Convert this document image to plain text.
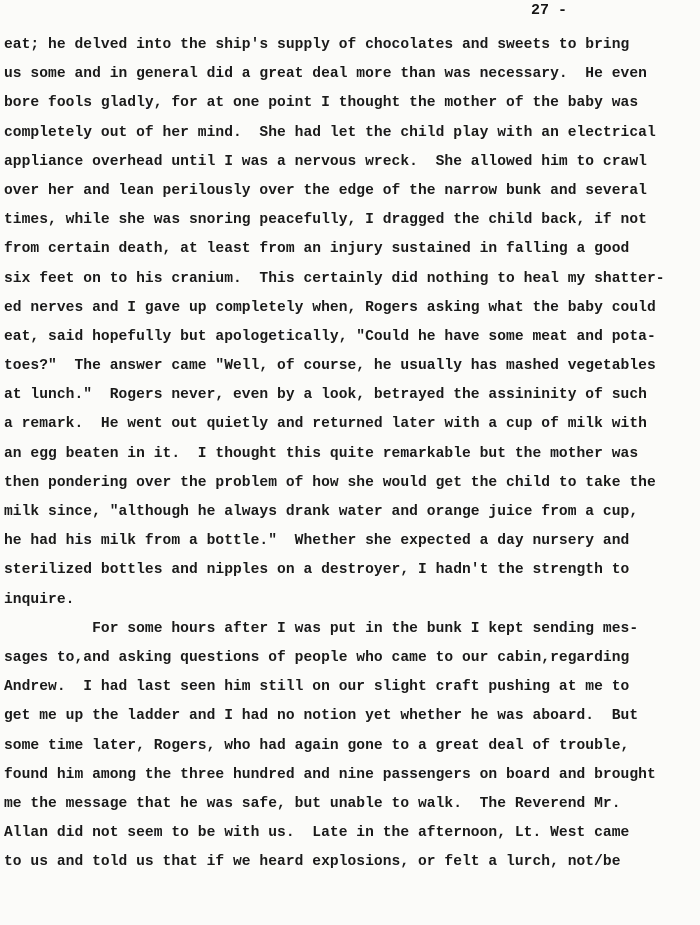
27 -
eat; he delved into the ship's supply of chocolates and sweets to bring
us some and in general did a great deal more than was necessary.  He even
bore fools gladly, for at one point I thought the mother of the baby was
completely out of her mind.  She had let the child play with an electrical
appliance overhead until I was a nervous wreck.  She allowed him to crawl
over her and lean perilously over the edge of the narrow bunk and several
times, while she was snoring peacefully, I dragged the child back, if not
from certain death, at least from an injury sustained in falling a good
six feet on to his cranium.  This certainly did nothing to heal my shatter-
ed nerves and I gave up completely when, Rogers asking what the baby could
eat, said hopefully but apologetically, "Could he have some meat and pota-
toes?"  The answer came "Well, of course, he usually has mashed vegetables
at lunch."  Rogers never, even by a look, betrayed the assininity of such
a remark.  He went out quietly and returned later with a cup of milk with
an egg beaten in it.  I thought this quite remarkable but the mother was
then pondering over the problem of how she would get the child to take the
milk since, "although he always drank water and orange juice from a cup,
he had his milk from a bottle."  Whether she expected a day nursery and
sterilized bottles and nipples on a destroyer, I hadn't the strength to
inquire.
For some hours after I was put in the bunk I kept sending mes-
sages to,and asking questions of people who came to our cabin,regarding
Andrew.  I had last seen him still on our slight craft pushing at me to
get me up the ladder and I had no notion yet whether he was aboard.  But
some time later, Rogers, who had again gone to a great deal of trouble,
found him among the three hundred and nine passengers on board and brought
me the message that he was safe, but unable to walk.  The Reverend Mr.
Allan did not seem to be with us.  Late in the afternoon, Lt. West came
to us and told us that if we heard explosions, or felt a lurch, not/be
